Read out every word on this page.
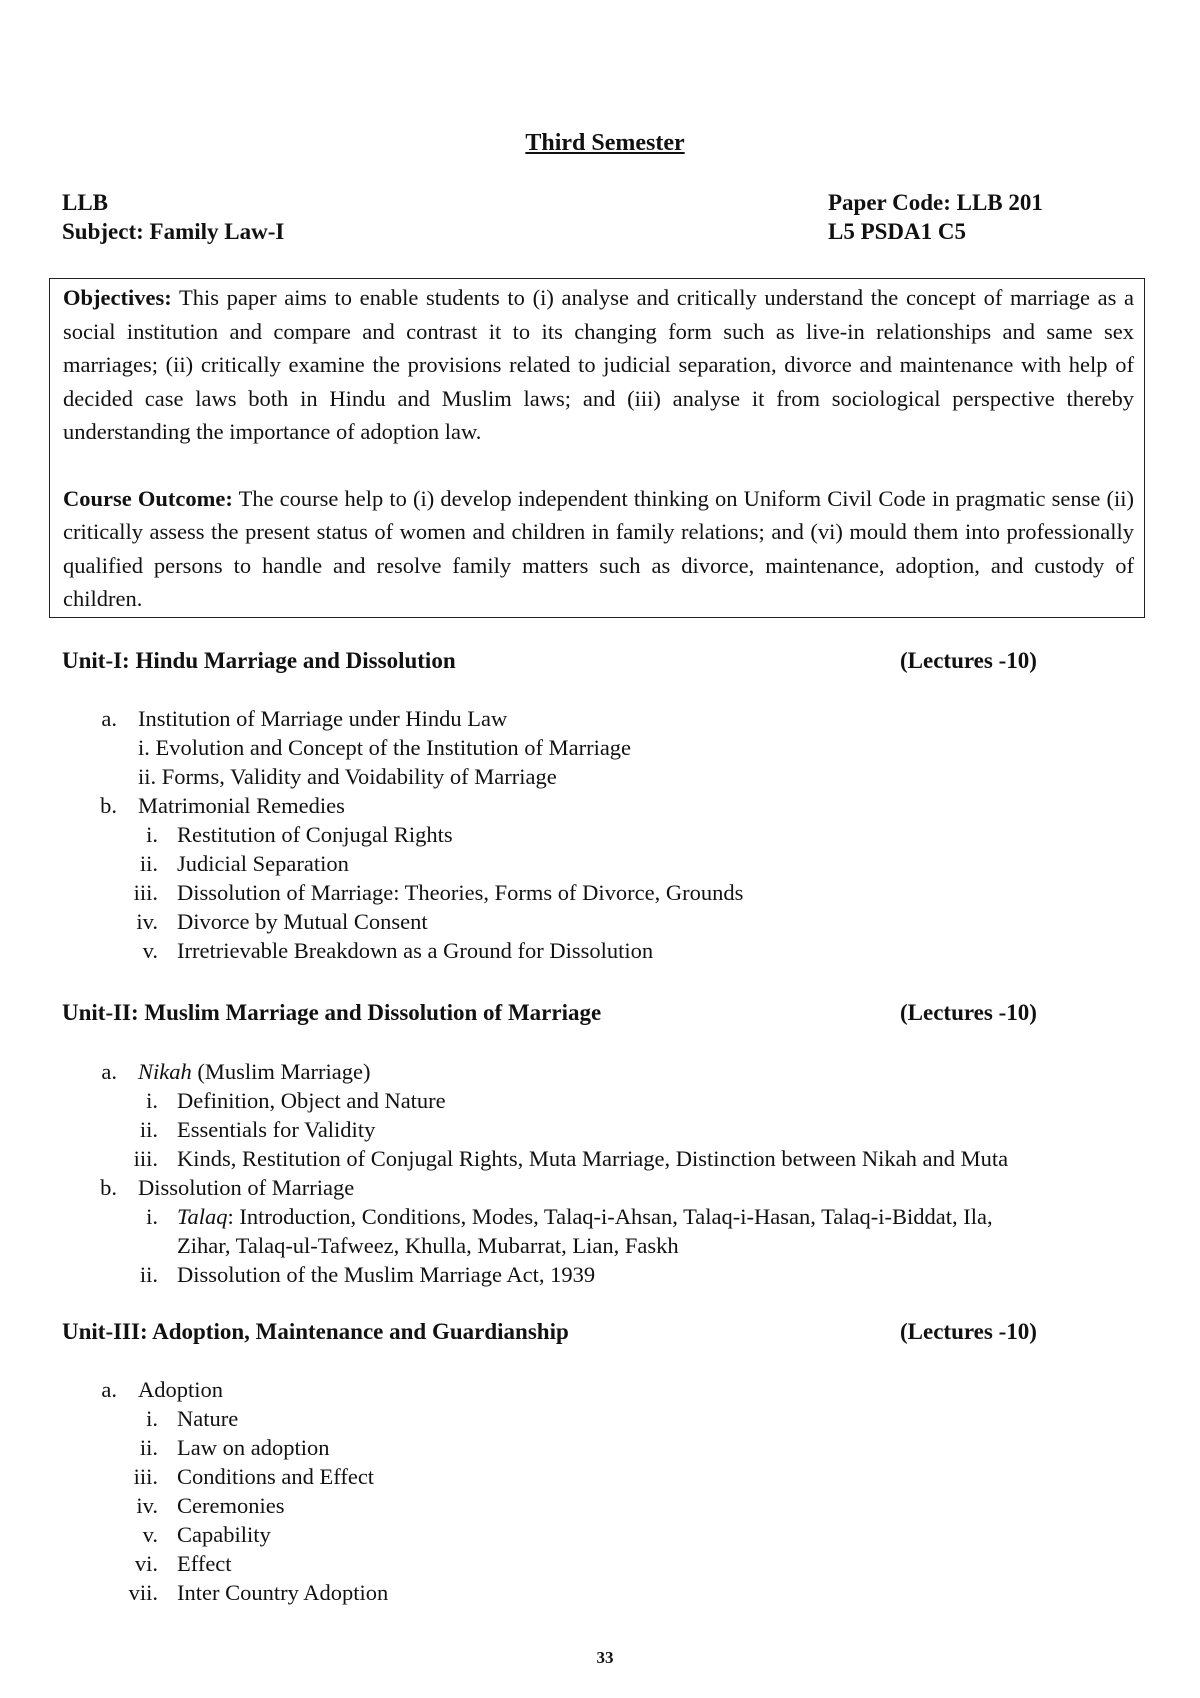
Third Semester
LLB
Subject: Family Law-I
Paper Code: LLB 201
L5 PSDA1 C5

Objectives: This paper aims to enable students to (i) analyse and critically understand the concept of marriage as a social institution and compare and contrast it to its changing form such as live-in relationships and same sex marriages; (ii) critically examine the provisions related to judicial separation, divorce and maintenance with help of decided case laws both in Hindu and Muslim laws; and (iii) analyse it from sociological perspective thereby understanding the importance of adoption law.

Course Outcome: The course help to (i) develop independent thinking on Uniform Civil Code in pragmatic sense (ii) critically assess the present status of women and children in family relations; and (vi) mould them into professionally qualified persons to handle and resolve family matters such as divorce, maintenance, adoption, and custody of children.

Unit-I: Hindu Marriage and Dissolution	(Lectures -10)
a. Institution of Marriage under Hindu Law
i. Evolution and Concept of the Institution of Marriage
ii. Forms, Validity and Voidability of Marriage
b. Matrimonial Remedies
i. Restitution of Conjugal Rights
ii. Judicial Separation
iii. Dissolution of Marriage: Theories, Forms of Divorce, Grounds
iv. Divorce by Mutual Consent
v. Irretrievable Breakdown as a Ground for Dissolution
Unit-II: Muslim Marriage and Dissolution of Marriage	(Lectures -10)
a. Nikah (Muslim Marriage)
i. Definition, Object and Nature
ii. Essentials for Validity
iii. Kinds, Restitution of Conjugal Rights, Muta Marriage, Distinction between Nikah and Muta
b. Dissolution of Marriage
i. Talaq: Introduction, Conditions, Modes, Talaq-i-Ahsan, Talaq-i-Hasan, Talaq-i-Biddat, Ila,
Zihar, Talaq-ul-Tafweez, Khulla, Mubarrat, Lian, Faskh
ii. Dissolution of the Muslim Marriage Act, 1939
Unit-III: Adoption, Maintenance and Guardianship	(Lectures -10)
a. Adoption
i. Nature
ii. Law on adoption
iii. Conditions and Effect
iv. Ceremonies
v. Capability
vi. Effect
vii. Inter Country Adoption
33
